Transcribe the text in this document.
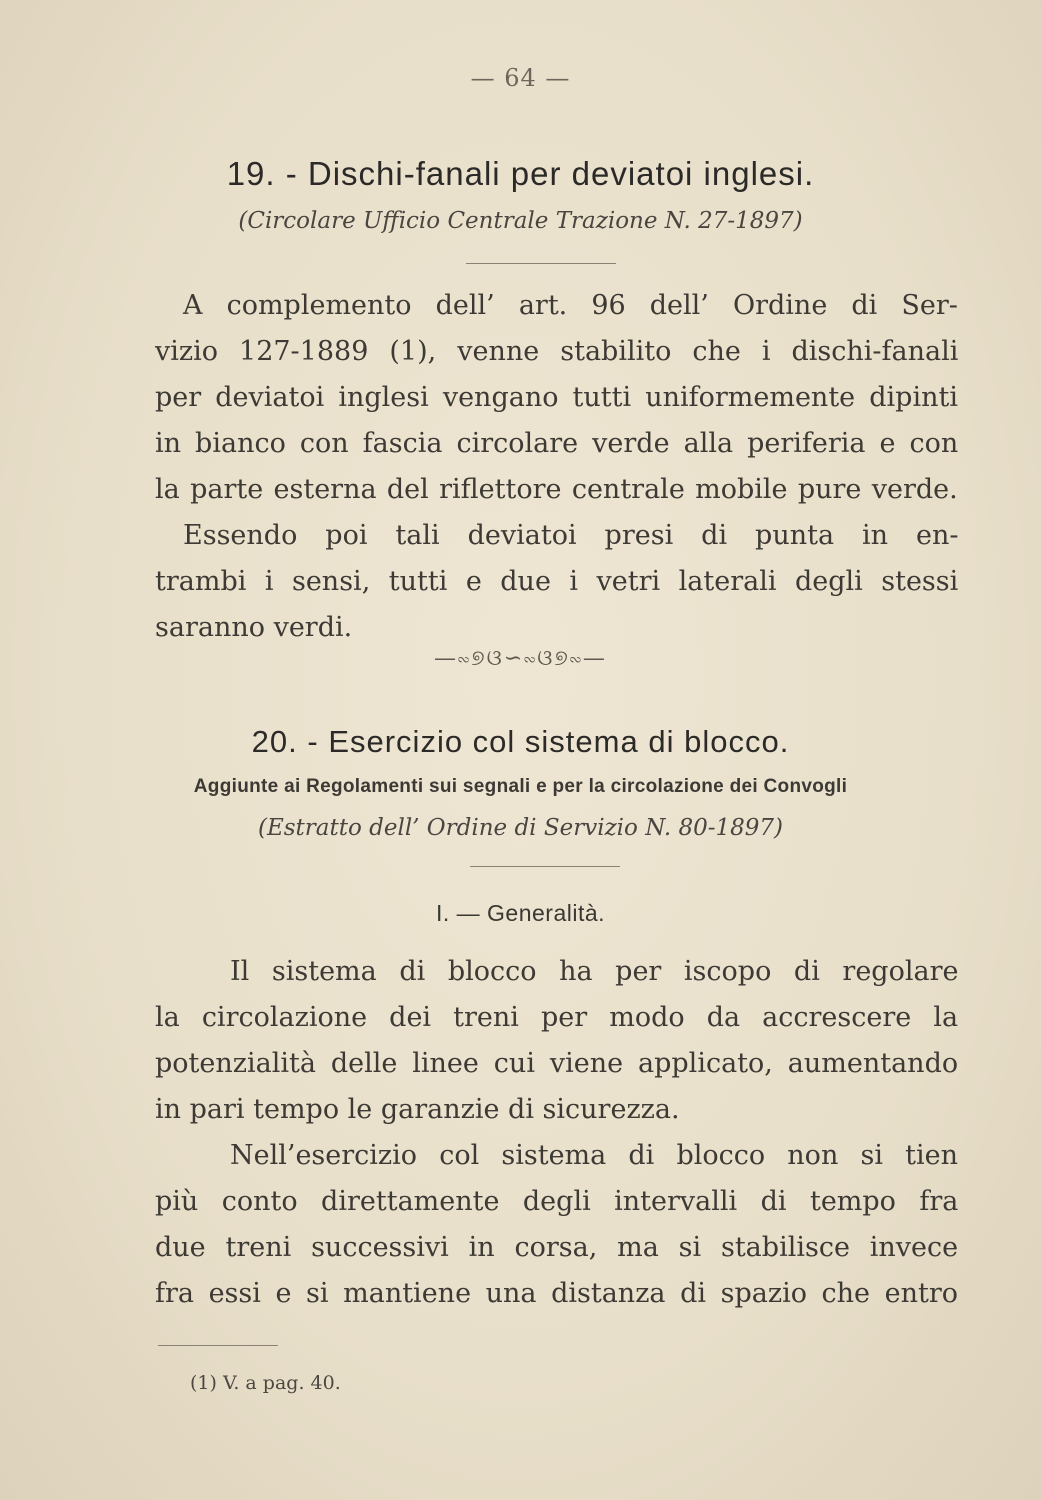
— 64 —
19. - Dischi-fanali per deviatoi inglesi.
(Circolare Ufficio Centrale Trazione N. 27-1897)
A complemento dell’ art. 96 dell’ Ordine di Ser-
vizio 127-1889 (1), venne stabilito che i dischi-fanali
per deviatoi inglesi vengano tutti uniformemente dipinti
in bianco con fascia circolare verde alla periferia e con
la parte esterna del riflettore centrale mobile pure verde.
Essendo poi tali deviatoi presi di punta in en-
trambi i sensi, tutti e due i vetri laterali degli stessi
saranno verdi.
—∾୭ଓ∽∾ଓ୭∾—
20. - Esercizio col sistema di blocco.
Aggiunte ai Regolamenti sui segnali e per la circolazione dei Convogli
(Estratto dell’ Ordine di Servizio N. 80-1897)
I. — Generalità.
Il sistema di blocco ha per iscopo di regolare
la circolazione dei treni per modo da accrescere la
potenzialità delle linee cui viene applicato, aumentando
in pari tempo le garanzie di sicurezza.
Nell’esercizio col sistema di blocco non si tien
più conto direttamente degli intervalli di tempo fra
due treni successivi in corsa, ma si stabilisce invece
fra essi e si mantiene una distanza di spazio che entro
(1) V. a pag. 40.
